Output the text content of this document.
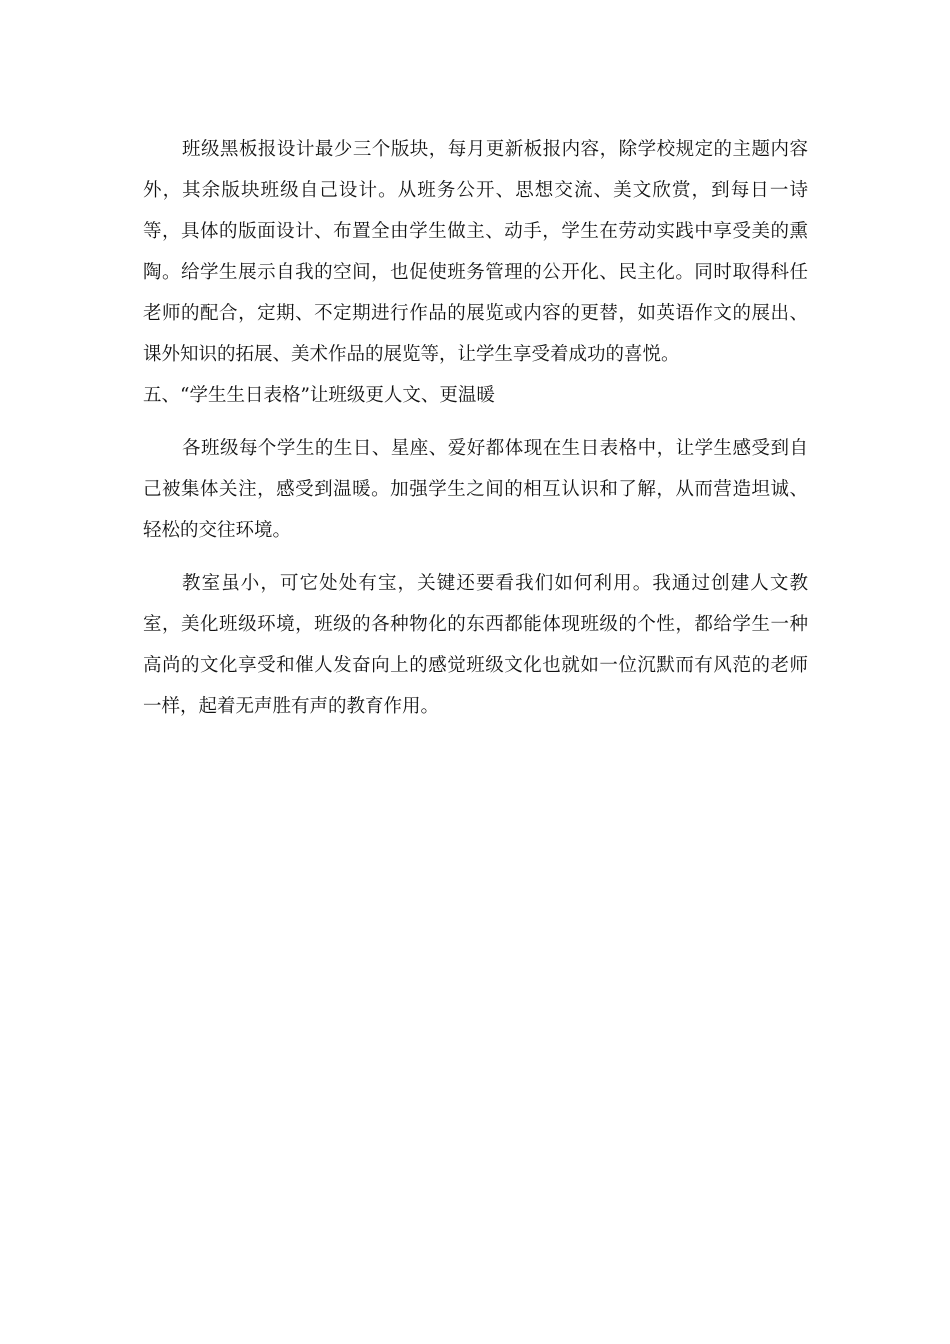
班级黑板报设计最少三个版块，每月更新板报内容，除学校规定的主题内容外，其余版块班级自己设计。从班务公开、思想交流、美文欣赏，到每日一诗等，具体的版面设计、布置全由学生做主、动手，学生在劳动实践中享受美的熏陶。给学生展示自我的空间，也促使班务管理的公开化、民主化。同时取得科任老师的配合，定期、不定期进行作品的展览或内容的更替，如英语作文的展出、课外知识的拓展、美术作品的展览等，让学生享受着成功的喜悦。

五、“学生生日表格”让班级更人文、更温暖

各班级每个学生的生日、星座、爱好都体现在生日表格中，让学生感受到自己被集体关注，感受到温暖。加强学生之间的相互认识和了解，从而营造坦诚、轻松的交往环境。

教室虽小，可它处处有宝，关键还要看我们如何利用。我通过创建人文教室，美化班级环境，班级的各种物化的东西都能体现班级的个性，都给学生一种高尚的文化享受和催人发奋向上的感觉班级文化也就如一位沉默而有风范的老师一样，起着无声胜有声的教育作用。
